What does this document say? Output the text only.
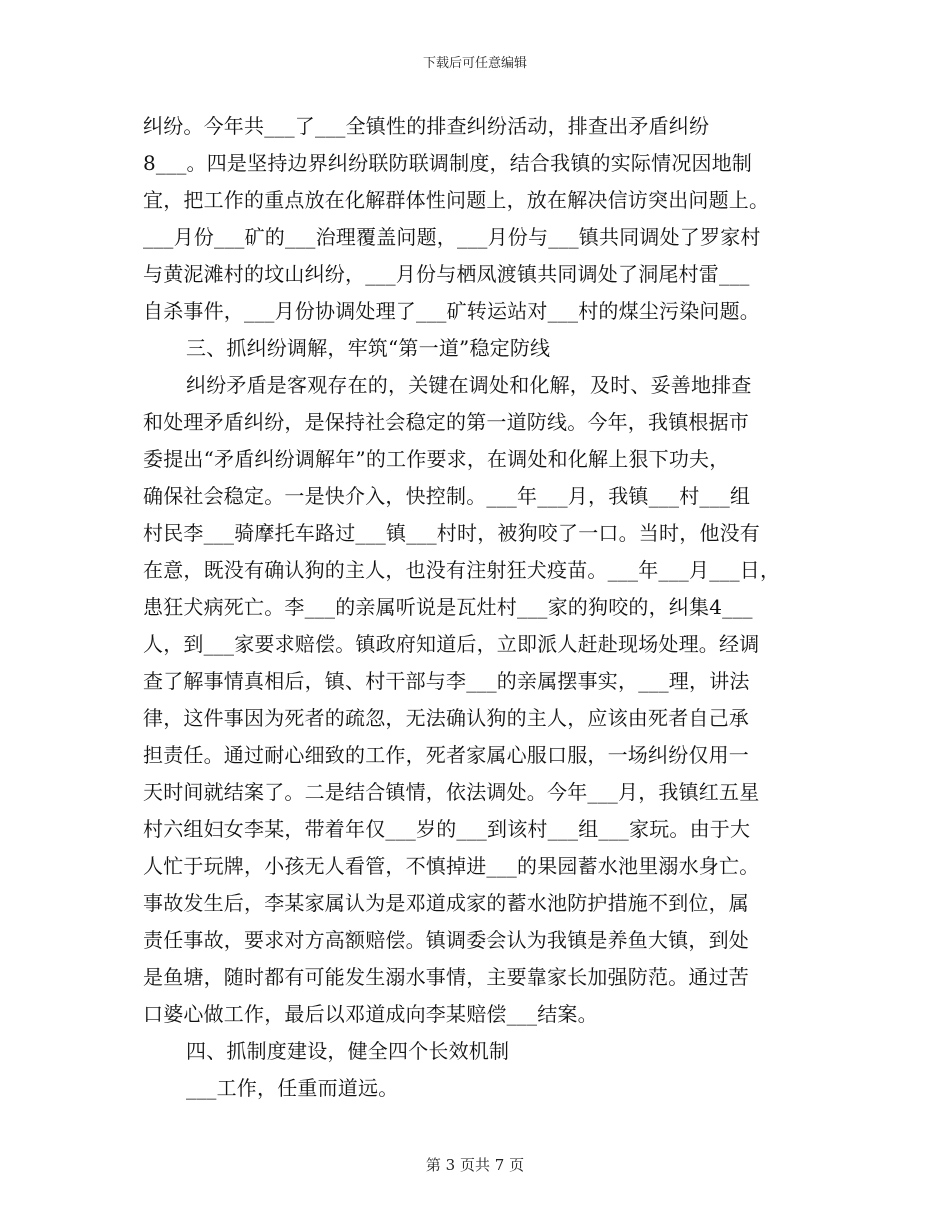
下载后可任意编辑
纠纷。今年共___了___全镇性的排查纠纷活动，排查出矛盾纠纷
8___。四是坚持边界纠纷联防联调制度，结合我镇的实际情况因地制
宜，把工作的重点放在化解群体性问题上，放在解决信访突出问题上。
___月份___矿的___治理覆盖问题，___月份与___镇共同调处了罗家村
与黄泥滩村的坟山纠纷，___月份与栖凤渡镇共同调处了洞尾村雷___
自杀事件，___月份协调处理了___矿转运站对___村的煤尘污染问题。
三、抓纠纷调解，牢筑“第一道”稳定防线
纠纷矛盾是客观存在的，关键在调处和化解，及时、妥善地排查
和处理矛盾纠纷，是保持社会稳定的第一道防线。今年，我镇根据市
委提出“矛盾纠纷调解年”的工作要求，在调处和化解上狠下功夫，
确保社会稳定。一是快介入，快控制。___年___月，我镇___村___组
村民李___骑摩托车路过___镇___村时，被狗咬了一口。当时，他没有
在意，既没有确认狗的主人，也没有注射狂犬疫苗。___年___月___日，
患狂犬病死亡。李___的亲属听说是瓦灶村___家的狗咬的，纠集4___
人，到___家要求赔偿。镇政府知道后，立即派人赶赴现场处理。经调
查了解事情真相后，镇、村干部与李___的亲属摆事实，___理，讲法
律，这件事因为死者的疏忽，无法确认狗的主人，应该由死者自己承
担责任。通过耐心细致的工作，死者家属心服口服，一场纠纷仅用一
天时间就结案了。二是结合镇情，依法调处。今年___月，我镇红五星
村六组妇女李某，带着年仅___岁的___到该村___组___家玩。由于大
人忙于玩牌，小孩无人看管，不慎掉进___的果园蓄水池里溺水身亡。
事故发生后，李某家属认为是邓道成家的蓄水池防护措施不到位，属
责任事故，要求对方高额赔偿。镇调委会认为我镇是养鱼大镇，到处
是鱼塘，随时都有可能发生溺水事情，主要靠家长加强防范。通过苦
口婆心做工作，最后以邓道成向李某赔偿___结案。
四、抓制度建设，健全四个长效机制
___工作，任重而道远。
第 3 页共 7 页
